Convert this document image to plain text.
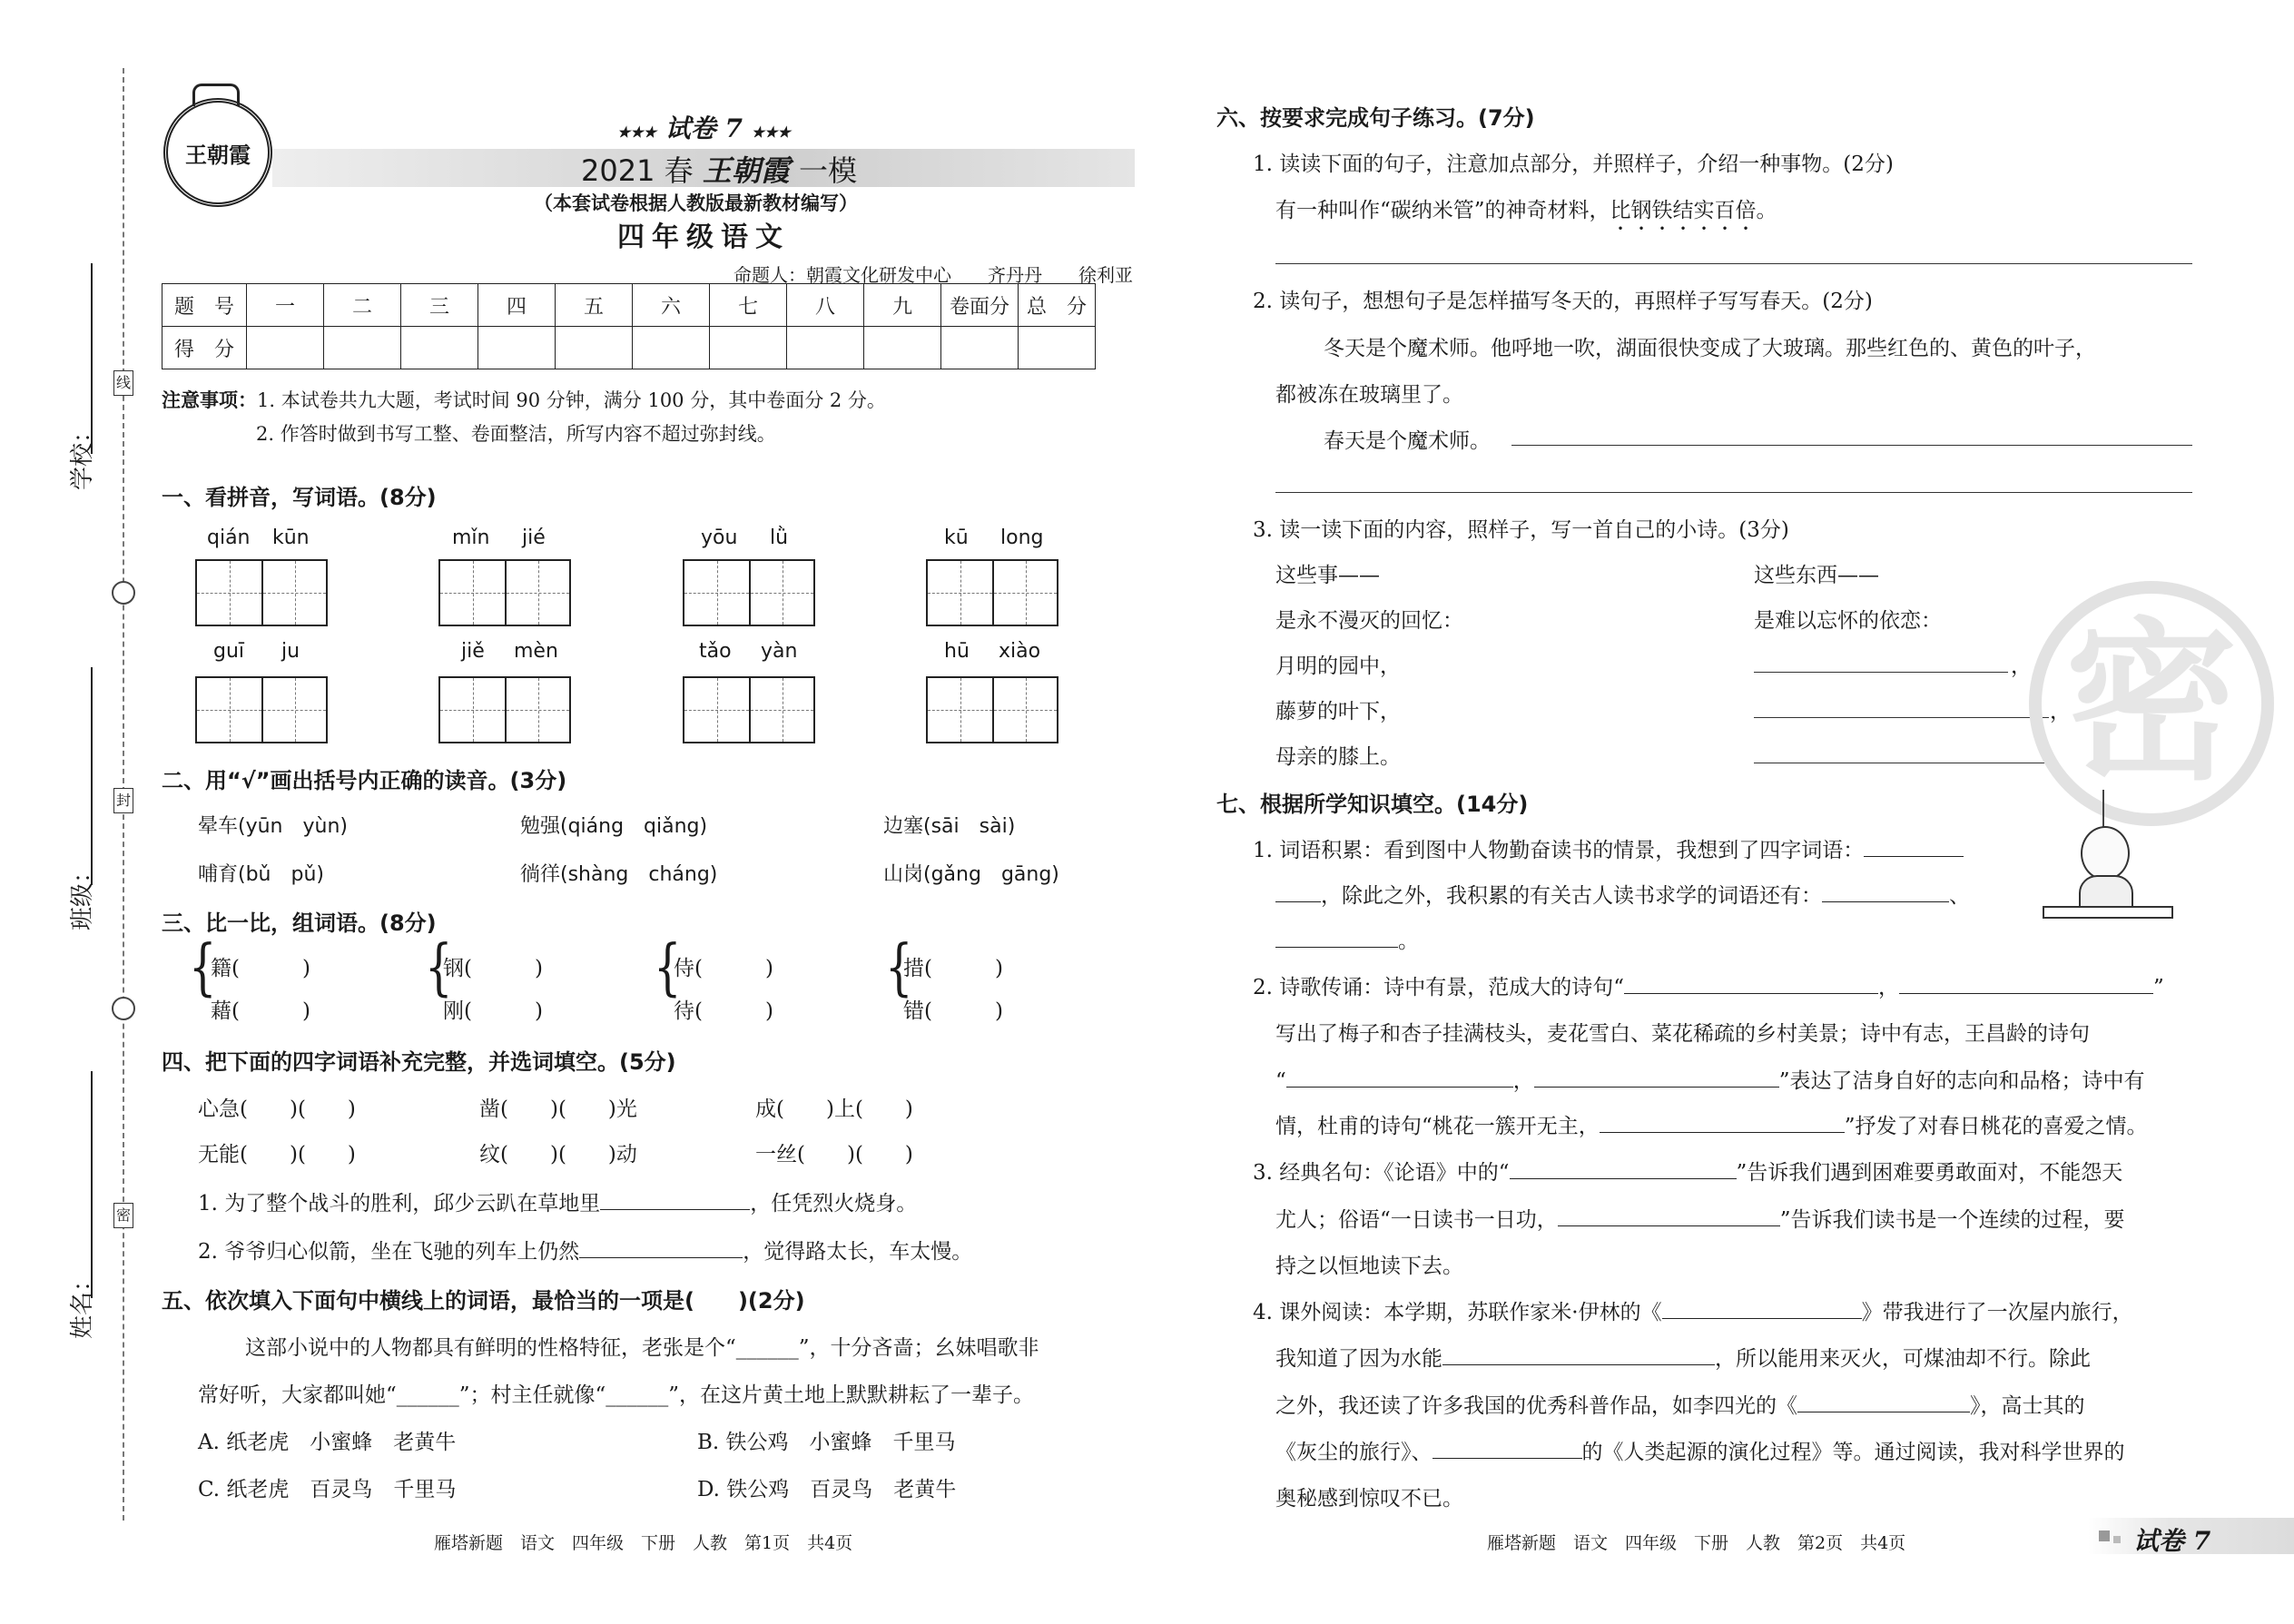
学校：
班级：
姓名：
线
封
密
王朝霞
★★★ 试卷 7 ★★★
2021 春 王朝霞 一模
（本套试卷根据人教版最新教材编写）
四年级语文
命题人：朝霞文化研发中心　　齐丹丹　　徐利亚
题　号	一	二	三	四	五	六	七	八	九	卷面分	总　分
得　分											
注意事项：1. 本试卷共九大题，考试时间 90 分钟，满分 100 分，其中卷面分 2 分。
2. 作答时做到书写工整、卷面整洁，所写内容不超过弥封线。
一、看拼音，写词语。(8分)
qián kūn	mǐn jié	yōu lǜ	kū long
guī ju	jiě mèn	tǎo yàn	hū xiào
二、用“√”画出括号内正确的读音。(3分)
晕车(yūn　yùn)	勉强(qiáng　qiǎng)	边塞(sāi　sài)
哺育(bǔ　pǔ)	徜徉(shàng　cháng)	山岗(gǎng　gāng)
三、比一比，组词语。(8分)
{
籍(　　　)
藉(　　　)
{
钢(　　　)
刚(　　　)
{
侍(　　　)
待(　　　)
{
措(　　　)
错(　　　)
四、把下面的四字词语补充完整，并选词填空。(5分)
心急(　　)(　　)	凿(　　)(　　)光	成(　　)上(　　)
无能(　　)(　　)	纹(　　)(　　)动	一丝(　　)(　　)
1. 为了整个战斗的胜利，邱少云趴在草地里	，任凭烈火烧身。
2. 爷爷归心似箭，坐在飞驰的列车上仍然	，觉得路太长，车太慢。
五、依次填入下面句中横线上的词语，最恰当的一项是(　　)(2分)
这部小说中的人物都具有鲜明的性格特征，老张是个“______”，十分吝啬；幺妹唱歌非
常好听，大家都叫她“______”；村主任就像“______”，在这片黄土地上默默耕耘了一辈子。
A. 纸老虎　小蜜蜂　老黄牛	B. 铁公鸡　小蜜蜂　千里马
C. 纸老虎　百灵鸟　千里马	D. 铁公鸡　百灵鸟　老黄牛
雁塔新题　语文　四年级　下册　人教　第1页　共4页
六、按要求完成句子练习。(7分)
1. 读读下面的句子，注意加点部分，并照样子，介绍一种事物。(2分)
有一种叫作“碳纳米管”的神奇材料，比钢铁结实百倍。
2. 读句子，想想句子是怎样描写冬天的，再照样子写写春天。(2分)
冬天是个魔术师。他呼地一吹，湖面很快变成了大玻璃。那些红色的、黄色的叶子，
都被冻在玻璃里了。
春天是个魔术师。
3. 读一读下面的内容，照样子，写一首自己的小诗。(3分)
这些事——
是永不漫灭的回忆：
月明的园中，
藤萝的叶下，
母亲的膝上。
这些东西——
是难以忘怀的依恋：
，
，
。
密
七、根据所学知识填空。(14分)
1. 词语积累：看到图中人物勤奋读书的情景，我想到了四字词语：
，除此之外，我积累的有关古人读书求学的词语还有：	、
。
2. 诗歌传诵：诗中有景，范成大的诗句“	，	”
写出了梅子和杏子挂满枝头，麦花雪白、菜花稀疏的乡村美景；诗中有志，王昌龄的诗句
“	，	”表达了洁身自好的志向和品格；诗中有
情，杜甫的诗句“桃花一簇开无主，	”抒发了对春日桃花的喜爱之情。
3. 经典名句：《论语》中的“	”告诉我们遇到困难要勇敢面对，不能怨天
尤人；俗语“一日读书一日功，	”告诉我们读书是一个连续的过程，要
持之以恒地读下去。
4. 课外阅读：本学期，苏联作家米·伊林的《	》带我进行了一次屋内旅行，
我知道了因为水能	，所以能用来灭火，可煤油却不行。除此
之外，我还读了许多我国的优秀科普作品，如李四光的《	》，高士其的
《灰尘的旅行》、	的《人类起源的演化过程》等。通过阅读，我对科学世界的
奥秘感到惊叹不已。
雁塔新题　语文　四年级　下册　人教　第2页　共4页	试卷 7
